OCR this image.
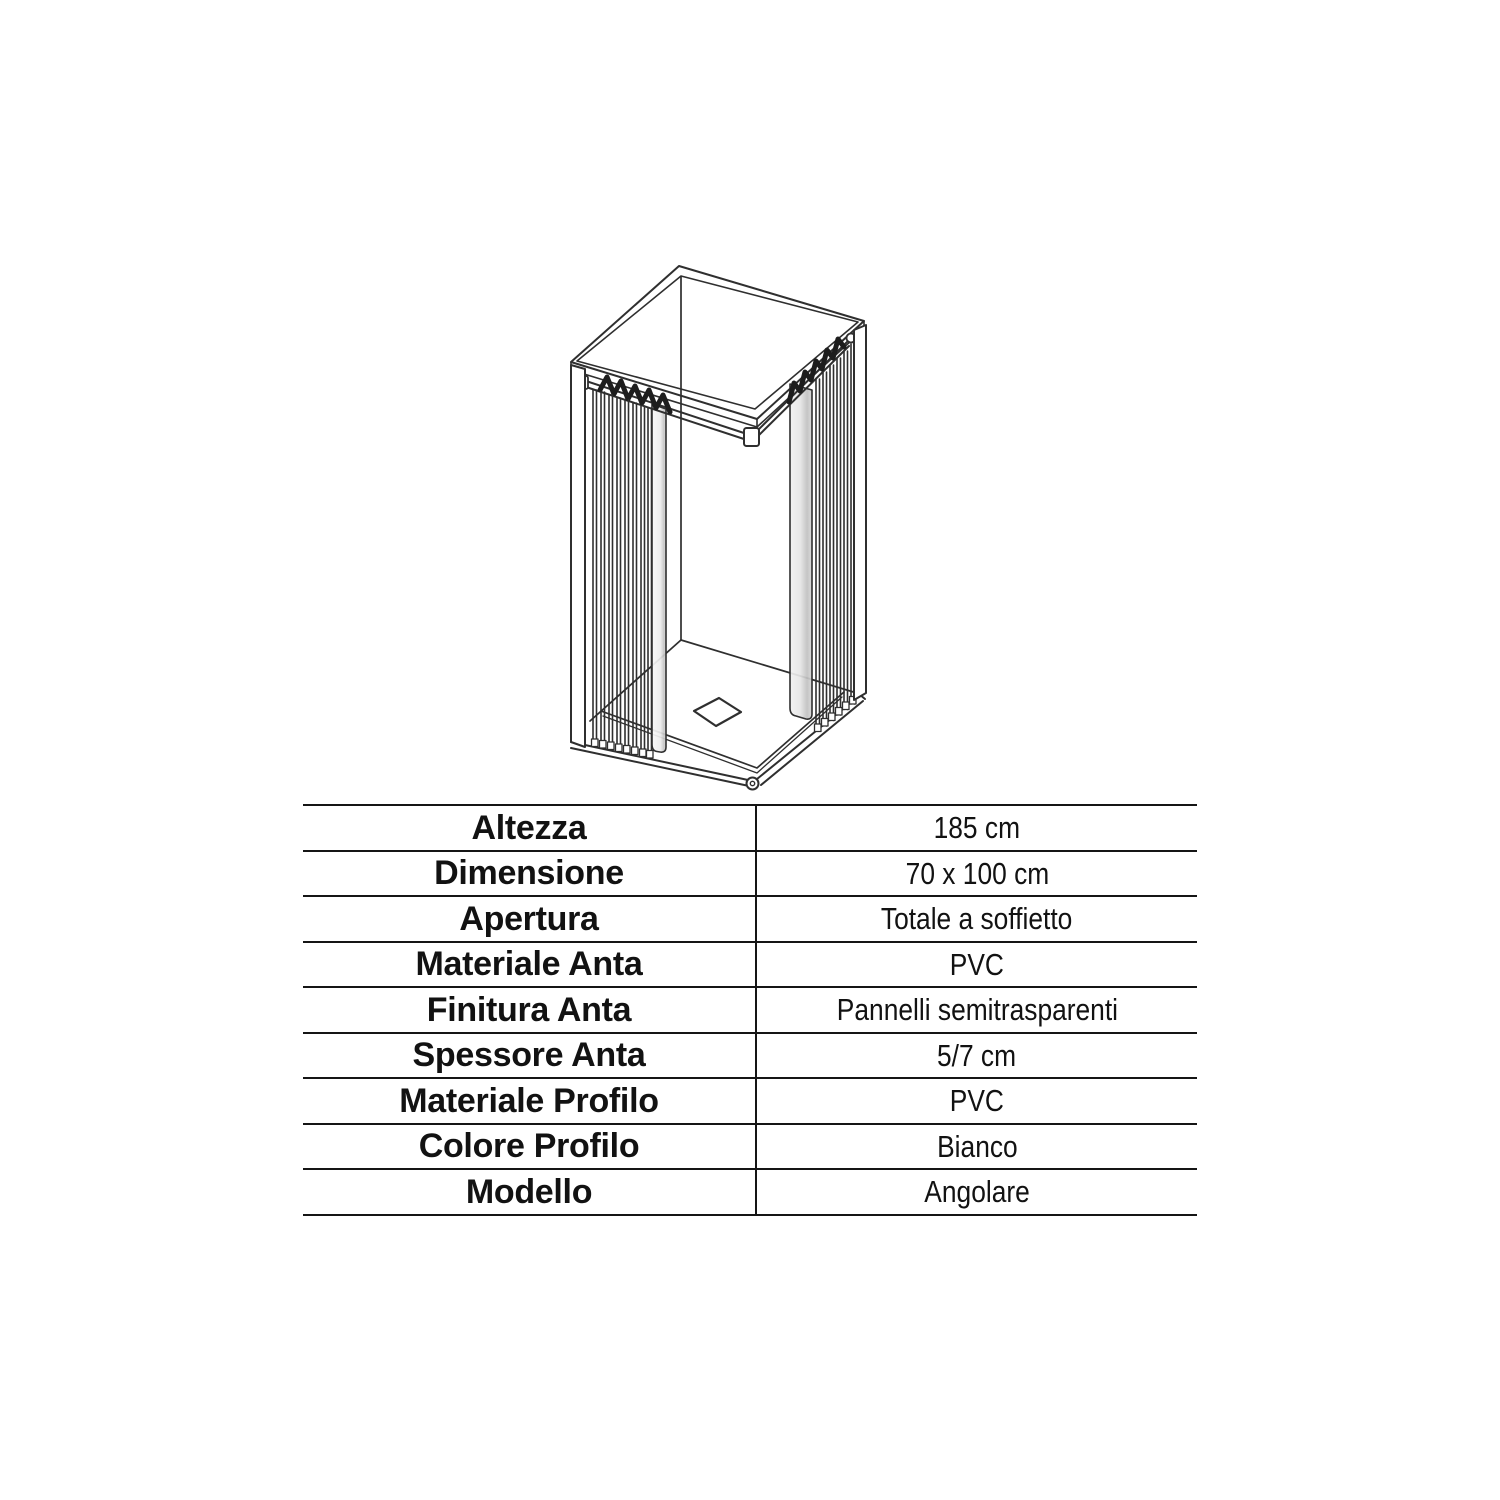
Altezza	185 cm
Dimensione	70 x 100 cm
Apertura	Totale a soffietto
Materiale Anta	PVC
Finitura Anta	Pannelli semitrasparenti
Spessore Anta	5/7 cm
Materiale Profilo	PVC
Colore Profilo	Bianco
Modello	Angolare
